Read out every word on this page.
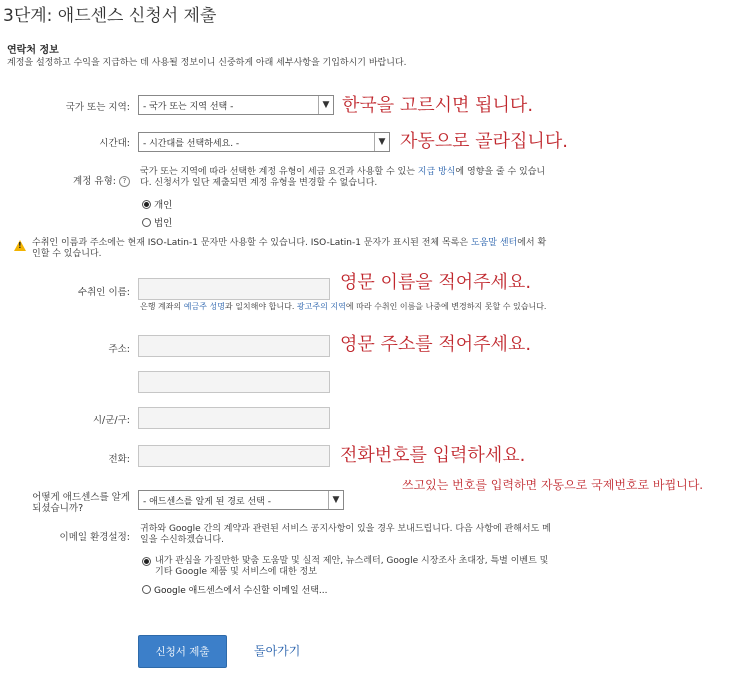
3단계: 애드센스 신청서 제출
연락처 정보
계정을 설정하고 수익을 지급하는 데 사용될 정보이니 신중하게 아래 세부사항을 기입하시기 바랍니다.
국가 또는 지역:	- 국가 또는 지역 선택 -	▼ 한국을 고르시면 됩니다.
시간대:	- 시간대를 선택하세요. -	▼ 자동으로 골라집니다.
계정 유형: ?
국가 또는 지역에 따라 선택한 계정 유형이 세금 요건과 사용할 수 있는 지급 방식에 영향을 줄 수 있습니다. 신청서가 일단 제출되면 계정 유형을 변경할 수 없습니다.
개인
법인
!
수취인 이름과 주소에는 현재 ISO-Latin-1 문자만 사용할 수 있습니다. ISO-Latin-1 문자가 표시된 전체 목록은 도움말 센터에서 확인할 수 있습니다.
수취인 이름:	영문 이름을 적어주세요.
은행 계좌의 예금주 성명과 일치해야 합니다. 광고주의 지역에 따라 수취인 이름을 나중에 변경하지 못할 수 있습니다.
주소:	영문 주소를 적어주세요.
시/군/구:
전화:	전화번호를 입력하세요.
쓰고있는 번호를 입력하면 자동으로 국제번호로 바뀝니다.
어떻게 애드센스를 알게
되셨습니까?
- 애드센스를 알게 된 경로 선택 -	▼
이메일 환경설정:
귀하와 Google 간의 계약과 관련된 서비스 공지사항이 있을 경우 보내드립니다. 다음 사항에 관해서도 메일을 수신하겠습니다.
내가 관심을 가질만한 맞춤 도움말 및 실적 제안, 뉴스레터, Google 시장조사 초대장, 특별 이벤트 및 기타 Google 제품 및 서비스에 대한 정보
Google 애드센스에서 수신할 이메일 선택...
신청서 제출	돌아가기
